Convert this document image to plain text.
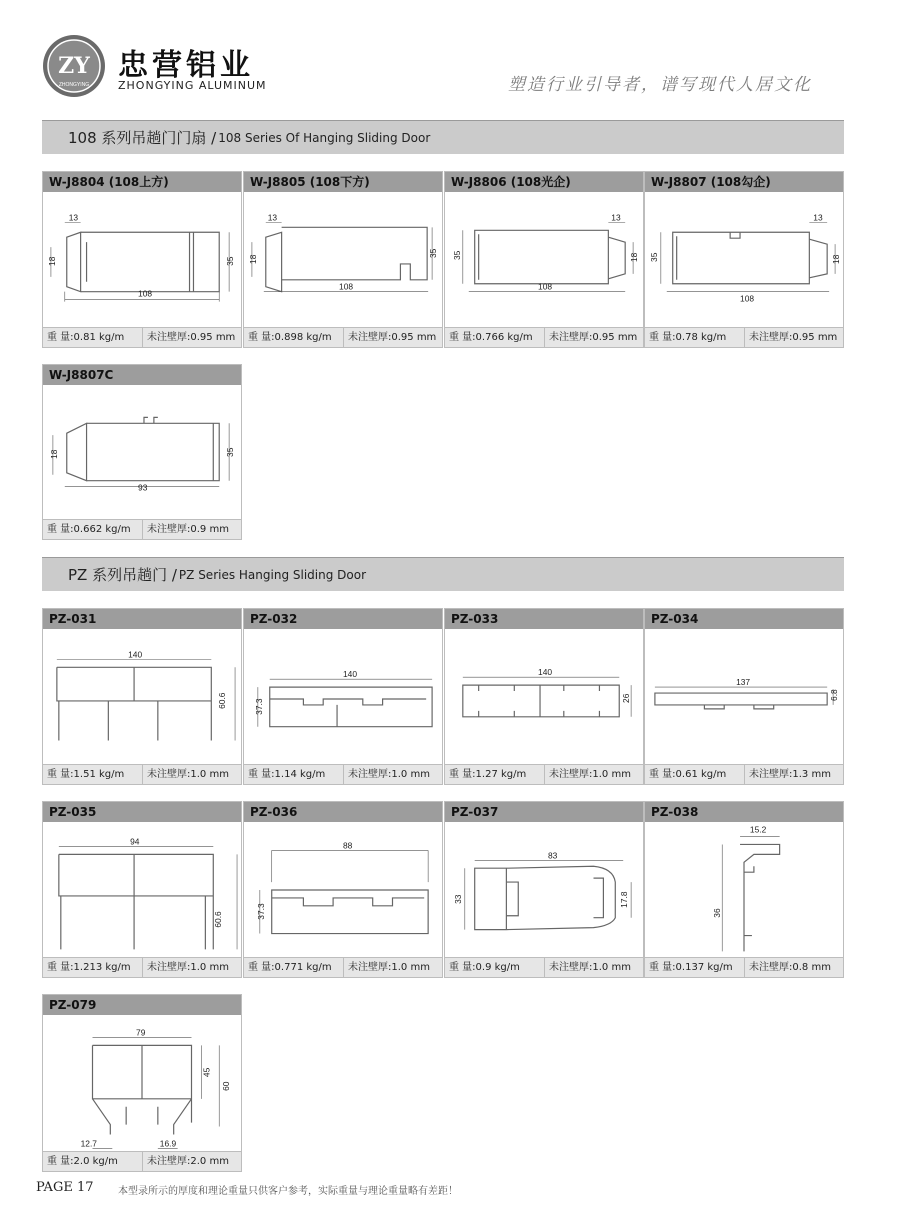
ZY
ZHONGYING
忠营铝业
ZHONGYING ALUMINUM	塑造行业引导者，谱写现代人居文化
108 系列吊趟门门扇 / 108 Series Of Hanging Sliding Door
W-J8804 (108上方)
13
18	35
108
重 量:0.81 kg/m	未注壁厚:0.95 mm
W-J8805 (108下方)
13
18
35
108
重 量:0.898 kg/m	未注壁厚:0.95 mm
W-J8806 (108光企)
13
35	18
108
重 量:0.766 kg/m	未注壁厚:0.95 mm
W-J8807 (108勾企)
13
35	18
108
重 量:0.78 kg/m	未注壁厚:0.95 mm
W-J8807C
18	35
93
重 量:0.662 kg/m	未注壁厚:0.9 mm
PZ 系列吊趟门 / PZ Series Hanging Sliding Door
PZ-031
140
60.6
重 量:1.51 kg/m	未注壁厚:1.0 mm
PZ-032
140
37.3
重 量:1.14 kg/m	未注壁厚:1.0 mm
PZ-033
140
26
重 量:1.27 kg/m	未注壁厚:1.0 mm
PZ-034
137
6.8
重 量:0.61 kg/m	未注壁厚:1.3 mm
PZ-035
94
60.6
重 量:1.213 kg/m	未注壁厚:1.0 mm
PZ-036
88
37.3
重 量:0.771 kg/m	未注壁厚:1.0 mm
PZ-037
83
33	17.8
重 量:0.9 kg/m	未注壁厚:1.0 mm
PZ-038
15.2
36
重 量:0.137 kg/m	未注壁厚:0.8 mm
PZ-079
79
45
60
12.7	16.9
重 量:2.0 kg/m	未注壁厚:2.0 mm
PAGE 17 本型录所示的厚度和理论重量只供客户参考，实际重量与理论重量略有差距！
